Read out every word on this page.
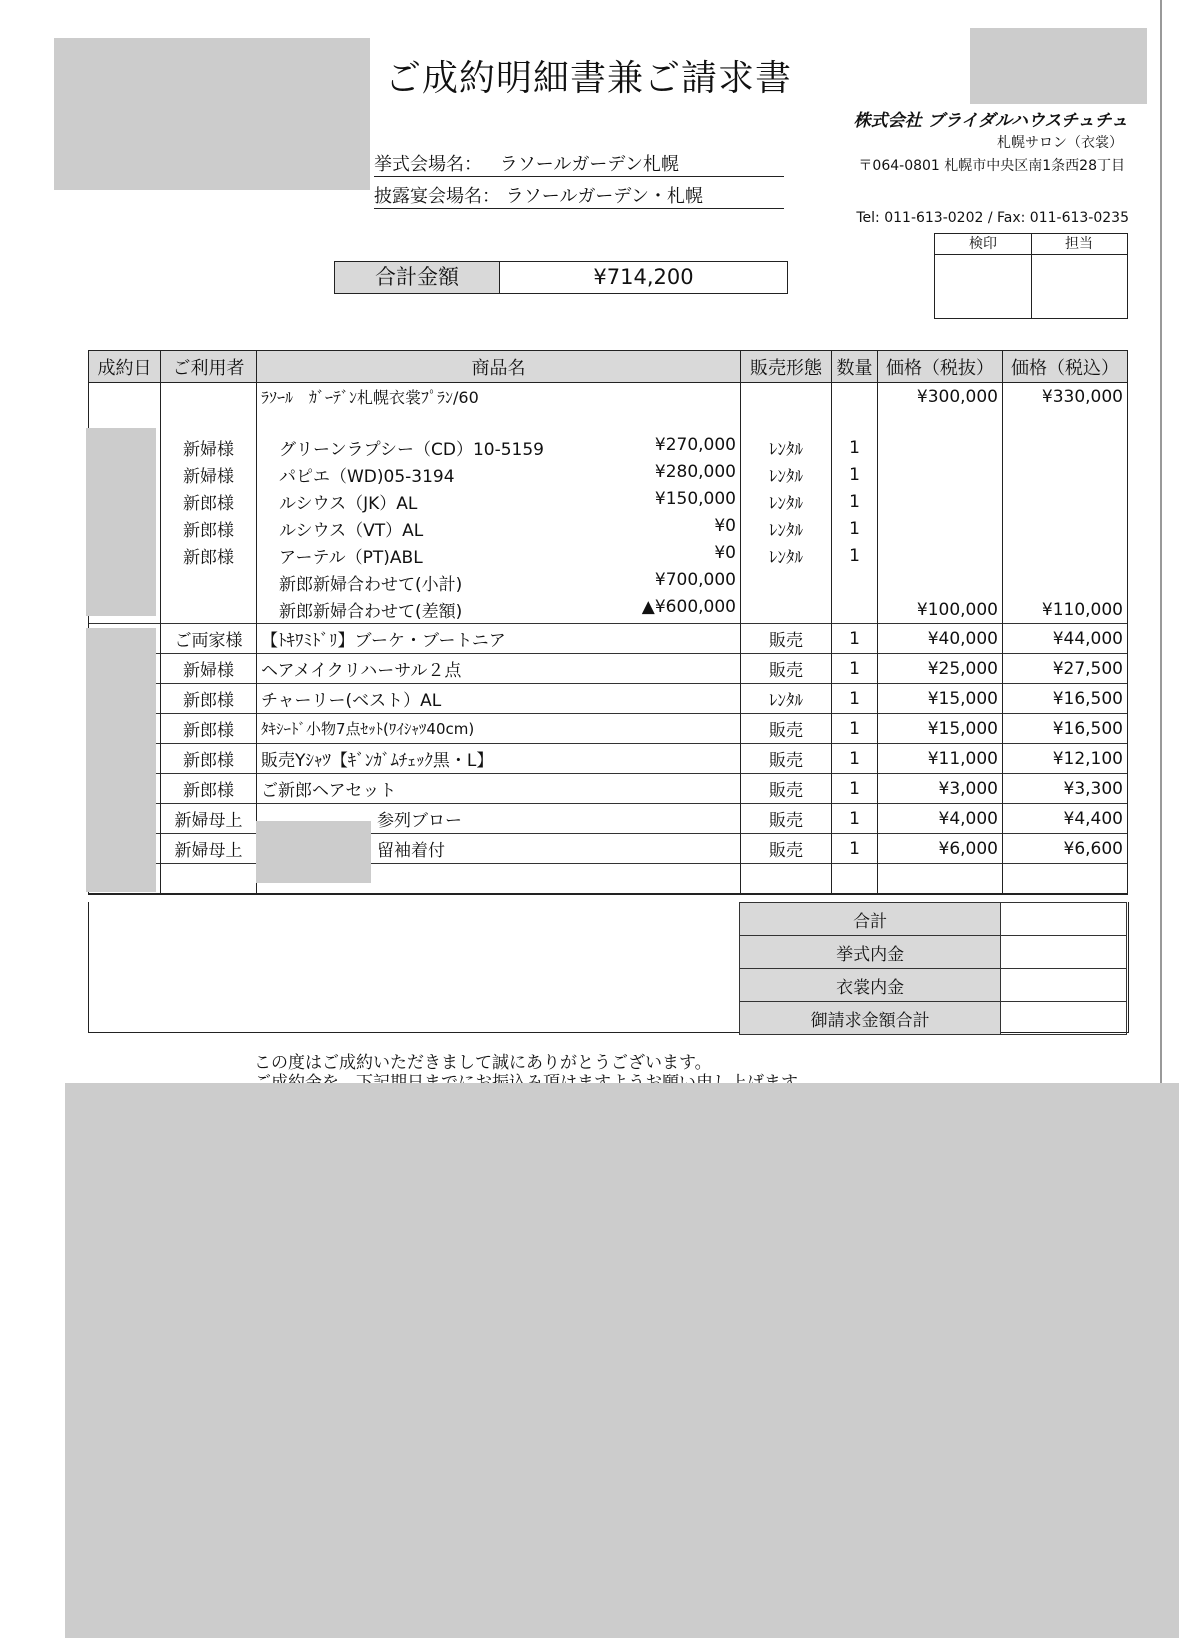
ご成約明細書兼ご請求書
挙式会場名： ラソールガーデン札幌
披露宴会場名： ラソールガーデン・札幌
株式会社 ブライダルハウスチュチュ
札幌サロン（衣裳）
〒064-0801 札幌市中央区南1条西28丁目
Tel: 011-613-0202 / Fax: 011-613-0235
検印	担当
合計金額	¥714,200
成約日	ご利用者	商品名	販売形態	数量	価格（税抜）	価格（税込）
		ﾗｿｰﾙ　ｶﾞｰﾃﾞﾝ札幌衣裳ﾌﾟﾗﾝ/60			¥300,000	¥330,000

	新婦様	グリーンラプシー（CD）10-5159 ¥270,000	ﾚﾝﾀﾙ	1		
	新婦様	パピエ（WD)05-3194 ¥280,000	ﾚﾝﾀﾙ	1		
	新郎様	ルシウス（JK）AL ¥150,000	ﾚﾝﾀﾙ	1		
	新郎様	ルシウス（VT）AL ¥0	ﾚﾝﾀﾙ	1		
	新郎様	アーテル（PT)ABL ¥0	ﾚﾝﾀﾙ	1		
		新郎新婦合わせて(小計) ¥700,000				

		新郎新婦合わせて(差額) ▲¥600,000			¥100,000	¥110,000
	ご両家様	【ﾄｷﾜﾐﾄﾞﾘ】ブーケ・ブートニア	販売	1	¥40,000	¥44,000
	新婦様	ヘアメイクリハーサル２点	販売	1	¥25,000	¥27,500
	新郎様	チャーリー(ベスト）AL	ﾚﾝﾀﾙ	1	¥15,000	¥16,500
	新郎様	ﾀｷｼｰﾄﾞ小物7点ｾｯﾄ(ﾜｲｼｬﾂ40cm)	販売	1	¥15,000	¥16,500
	新郎様	販売Yｼｬﾂ【ｷﾞﾝｶﾞﾑﾁｪｯｸ黒・L】	販売	1	¥11,000	¥12,100
	新郎様	ご新郎ヘアセット	販売	1	¥3,000	¥3,300
	新婦母上	参列ブロー	販売	1	¥4,000	¥4,400
	新婦母上	留袖着付	販売	1	¥6,000	¥6,600

合計	
挙式内金	
衣裳内金	
御請求金額合計	
この度はご成約いただきまして誠にありがとうございます。
